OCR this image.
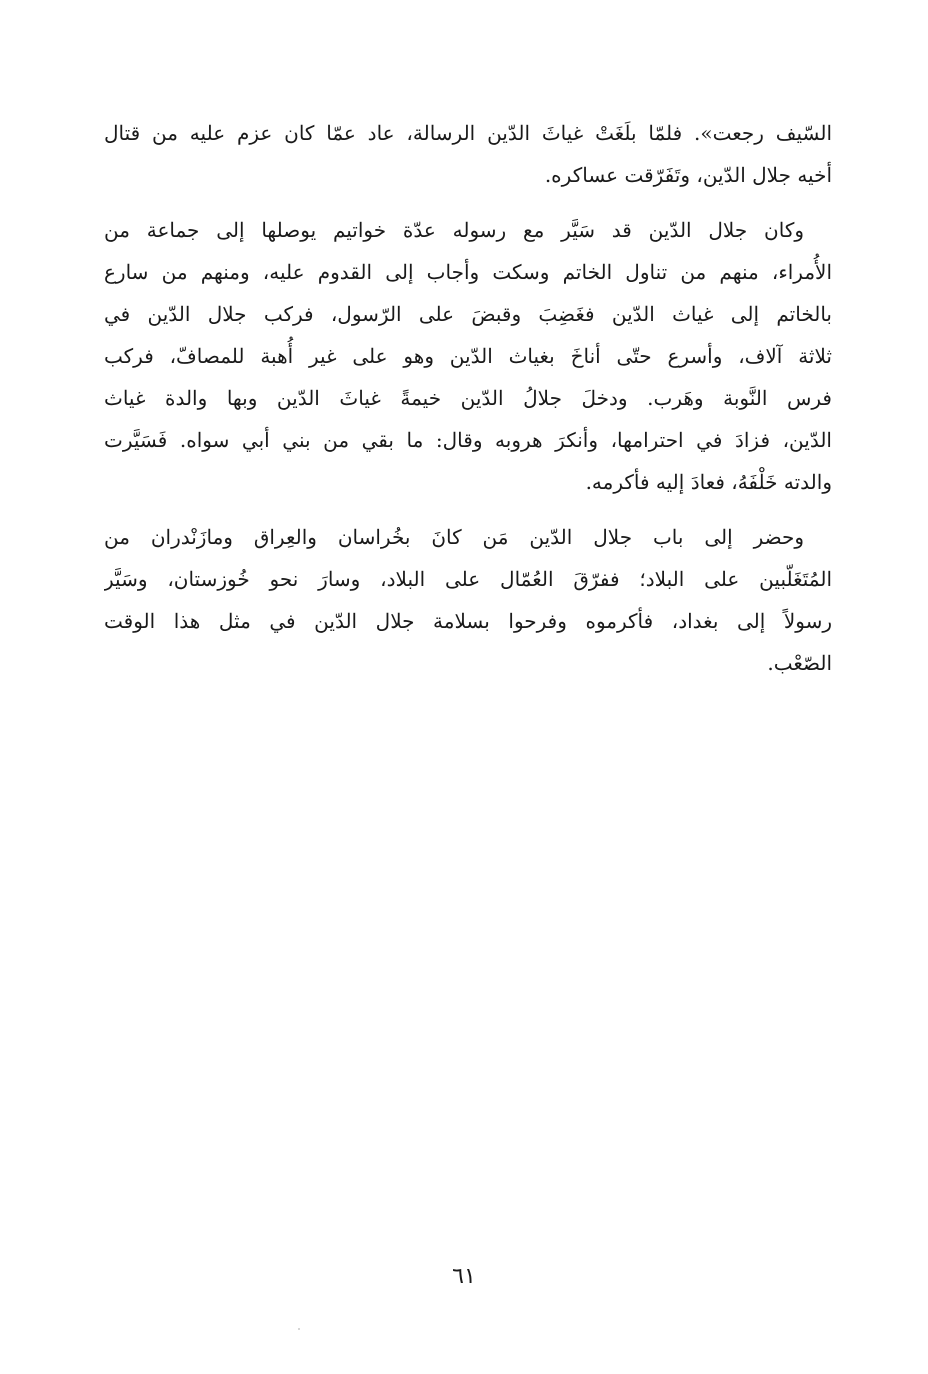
السّيف رجعت». فلمّا بلَغَتْ غياثَ الدّين الرسالة، عاد عمّا كان عزم عليه من قتال
أخيه جلال الدّين، وتَفَرّقت عساكره.
وكان جلال الدّين قد سَيَّر مع رسوله عدّة خواتيم يوصلها إلى جماعة من
الأُمراء، منهم من تناول الخاتم وسكت وأجاب إلى القدوم عليه، ومنهم من سارع
بالخاتم إلى غياث الدّين فغَضِبَ وقبضَ على الرّسول، فركب جلال الدّين في
ثلاثة آلاف، وأسرع حتّى أناخَ بغياث الدّين وهو على غير أُهبة للمصافّ، فركب
فرس النَّوبة وهَرب. ودخلَ جلالُ الدّين خيمةً غياثَ الدّين وبها والدة غياث
الدّين، فزادَ في احترامها، وأنكرَ هروبه وقال: ما بقي من بني أبي سواه. فَسَيَّرت
والدته خَلْفَهُ، فعادَ إليه فأكرمه.
وحضر إلى باب جلال الدّين مَن كانَ بخُراسان والعِراق ومازَنْدران من
المُتَغَلّبين على البلاد؛ ففرّقَ العُمّال على البلاد، وسارَ نحو خُوزستان، وسَيَّر
رسولاً إلى بغداد، فأكرموه وفرحوا بسلامة جلال الدّين في مثل هذا الوقت
الصّعْب.
٦١
